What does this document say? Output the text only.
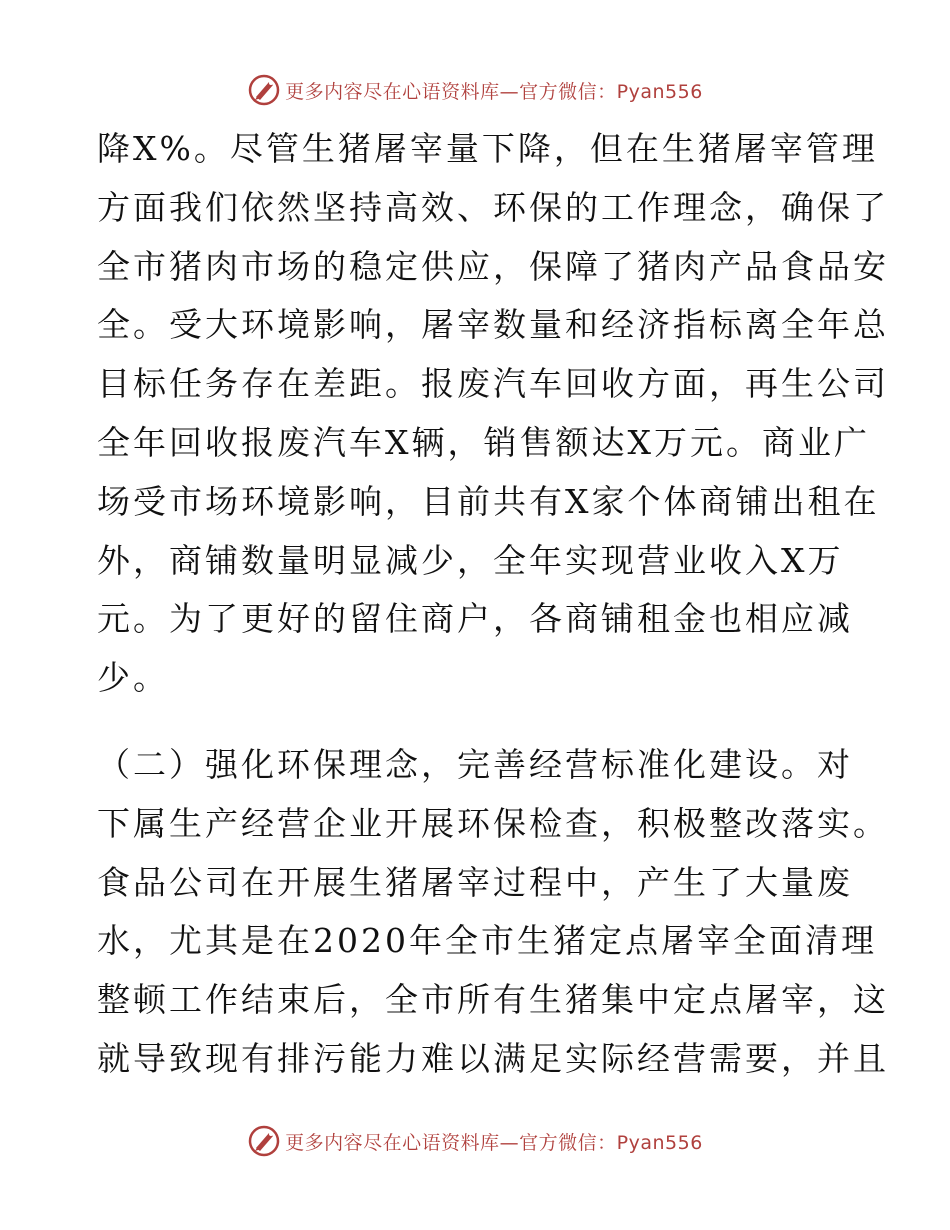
更多内容尽在心语资料库—官方微信：Pyan556
降X%。尽管生猪屠宰量下降，但在生猪屠宰管理
方面我们依然坚持高效、环保的工作理念，确保了
全市猪肉市场的稳定供应，保障了猪肉产品食品安
全。受大环境影响，屠宰数量和经济指标离全年总
目标任务存在差距。报废汽车回收方面，再生公司
全年回收报废汽车X辆，销售额达X万元。商业广
场受市场环境影响，目前共有X家个体商铺出租在
外，商铺数量明显减少，全年实现营业收入X万
元。为了更好的留住商户，各商铺租金也相应减
少。
（二）强化环保理念，完善经营标准化建设。对
下属生产经营企业开展环保检查，积极整改落实。
食品公司在开展生猪屠宰过程中，产生了大量废
水，尤其是在2020年全市生猪定点屠宰全面清理
整顿工作结束后，全市所有生猪集中定点屠宰，这
就导致现有排污能力难以满足实际经营需要，并且
更多内容尽在心语资料库—官方微信：Pyan556
